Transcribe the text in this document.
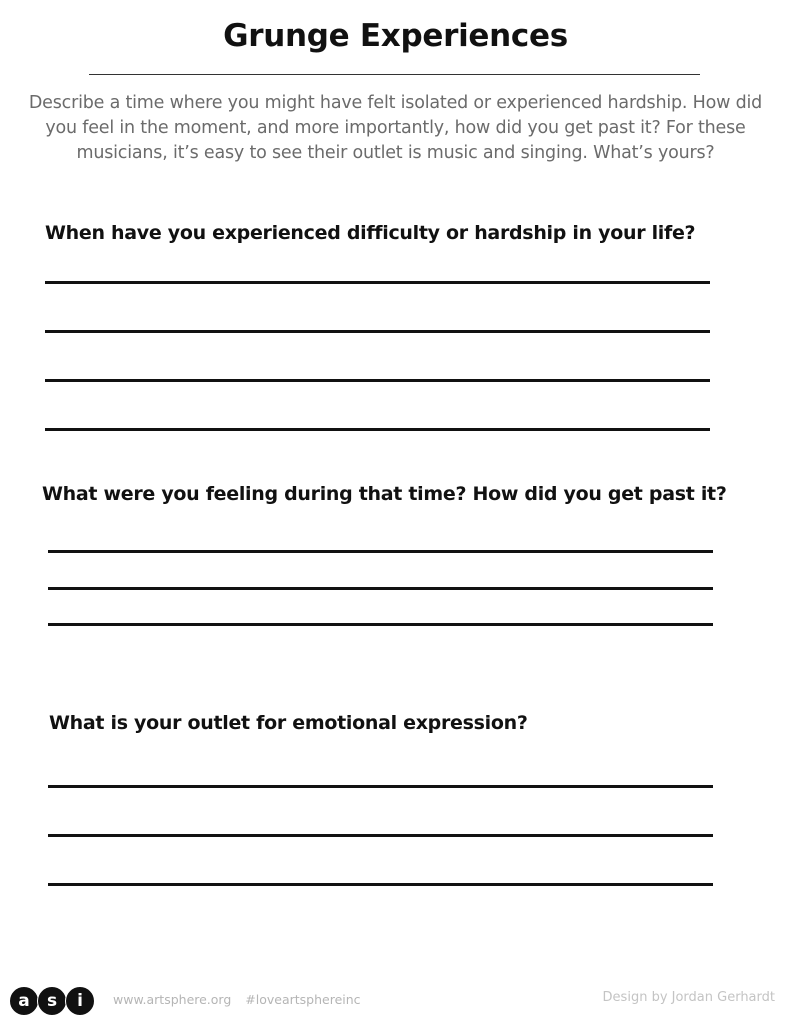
Grunge Experiences
Describe a time where you might have felt isolated or experienced hardship. How did you feel in the moment, and more importantly, how did you get past it? For these musicians, it’s easy to see their outlet is music and singing. What’s yours?
When have you experienced difficulty or hardship in your life?
What were you feeling during that time? How did you get past it?
What is your outlet for emotional expression?
a	s	i	www.artsphere.org #loveartsphereinc	Design by Jordan Gerhardt
